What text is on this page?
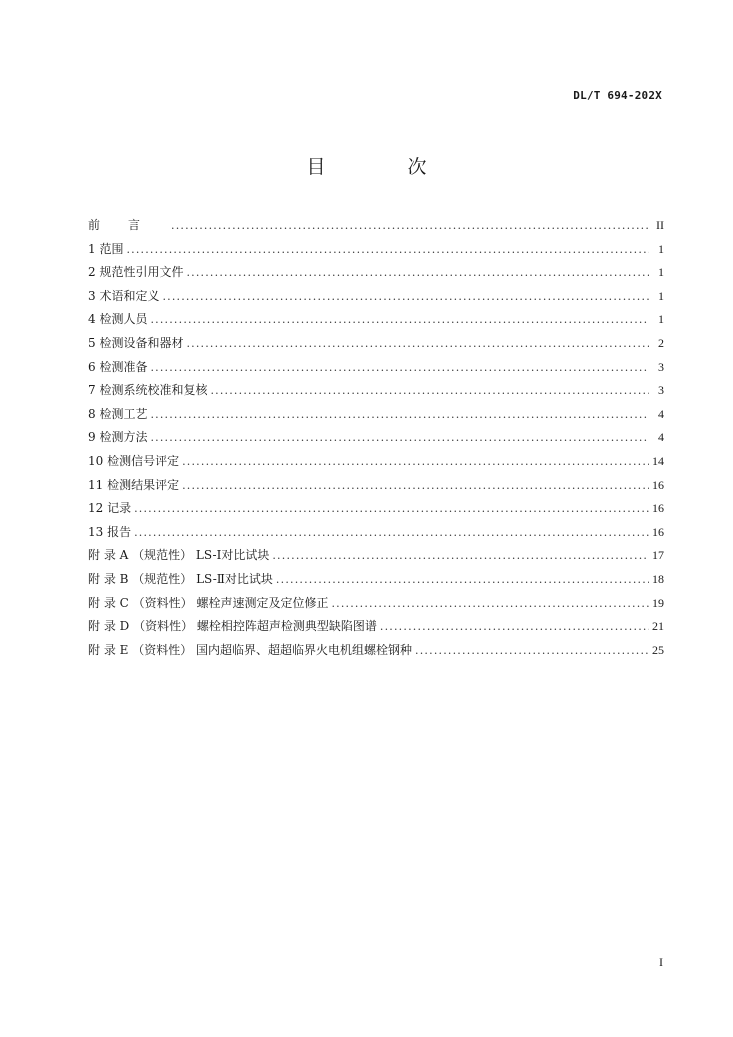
DL/T 694-202X
目 次
前言 .....	II
1 范围 .....	1
2 规范性引用文件 .....	1
3 术语和定义 .....	1
4 检测人员 .....	1
5 检测设备和器材 .....	2
6 检测准备 .....	3
7 检测系统校准和复核 .....	3
8 检测工艺 .....	4
9 检测方法 .....	4
10 检测信号评定 .....	14
11 检测结果评定 .....	16
12 记录 .....	16
13 报告 .....	16
附 录 A （规范性） LS-Ⅰ对比试块 .....	17
附 录 B （规范性） LS-Ⅱ对比试块 .....	18
附 录 C （资料性） 螺栓声速测定及定位修正 .....	19
附 录 D （资料性） 螺栓相控阵超声检测典型缺陷图谱 .....	21
附 录 E （资料性） 国内超临界、超超临界火电机组螺栓钢种 .....	25
I
